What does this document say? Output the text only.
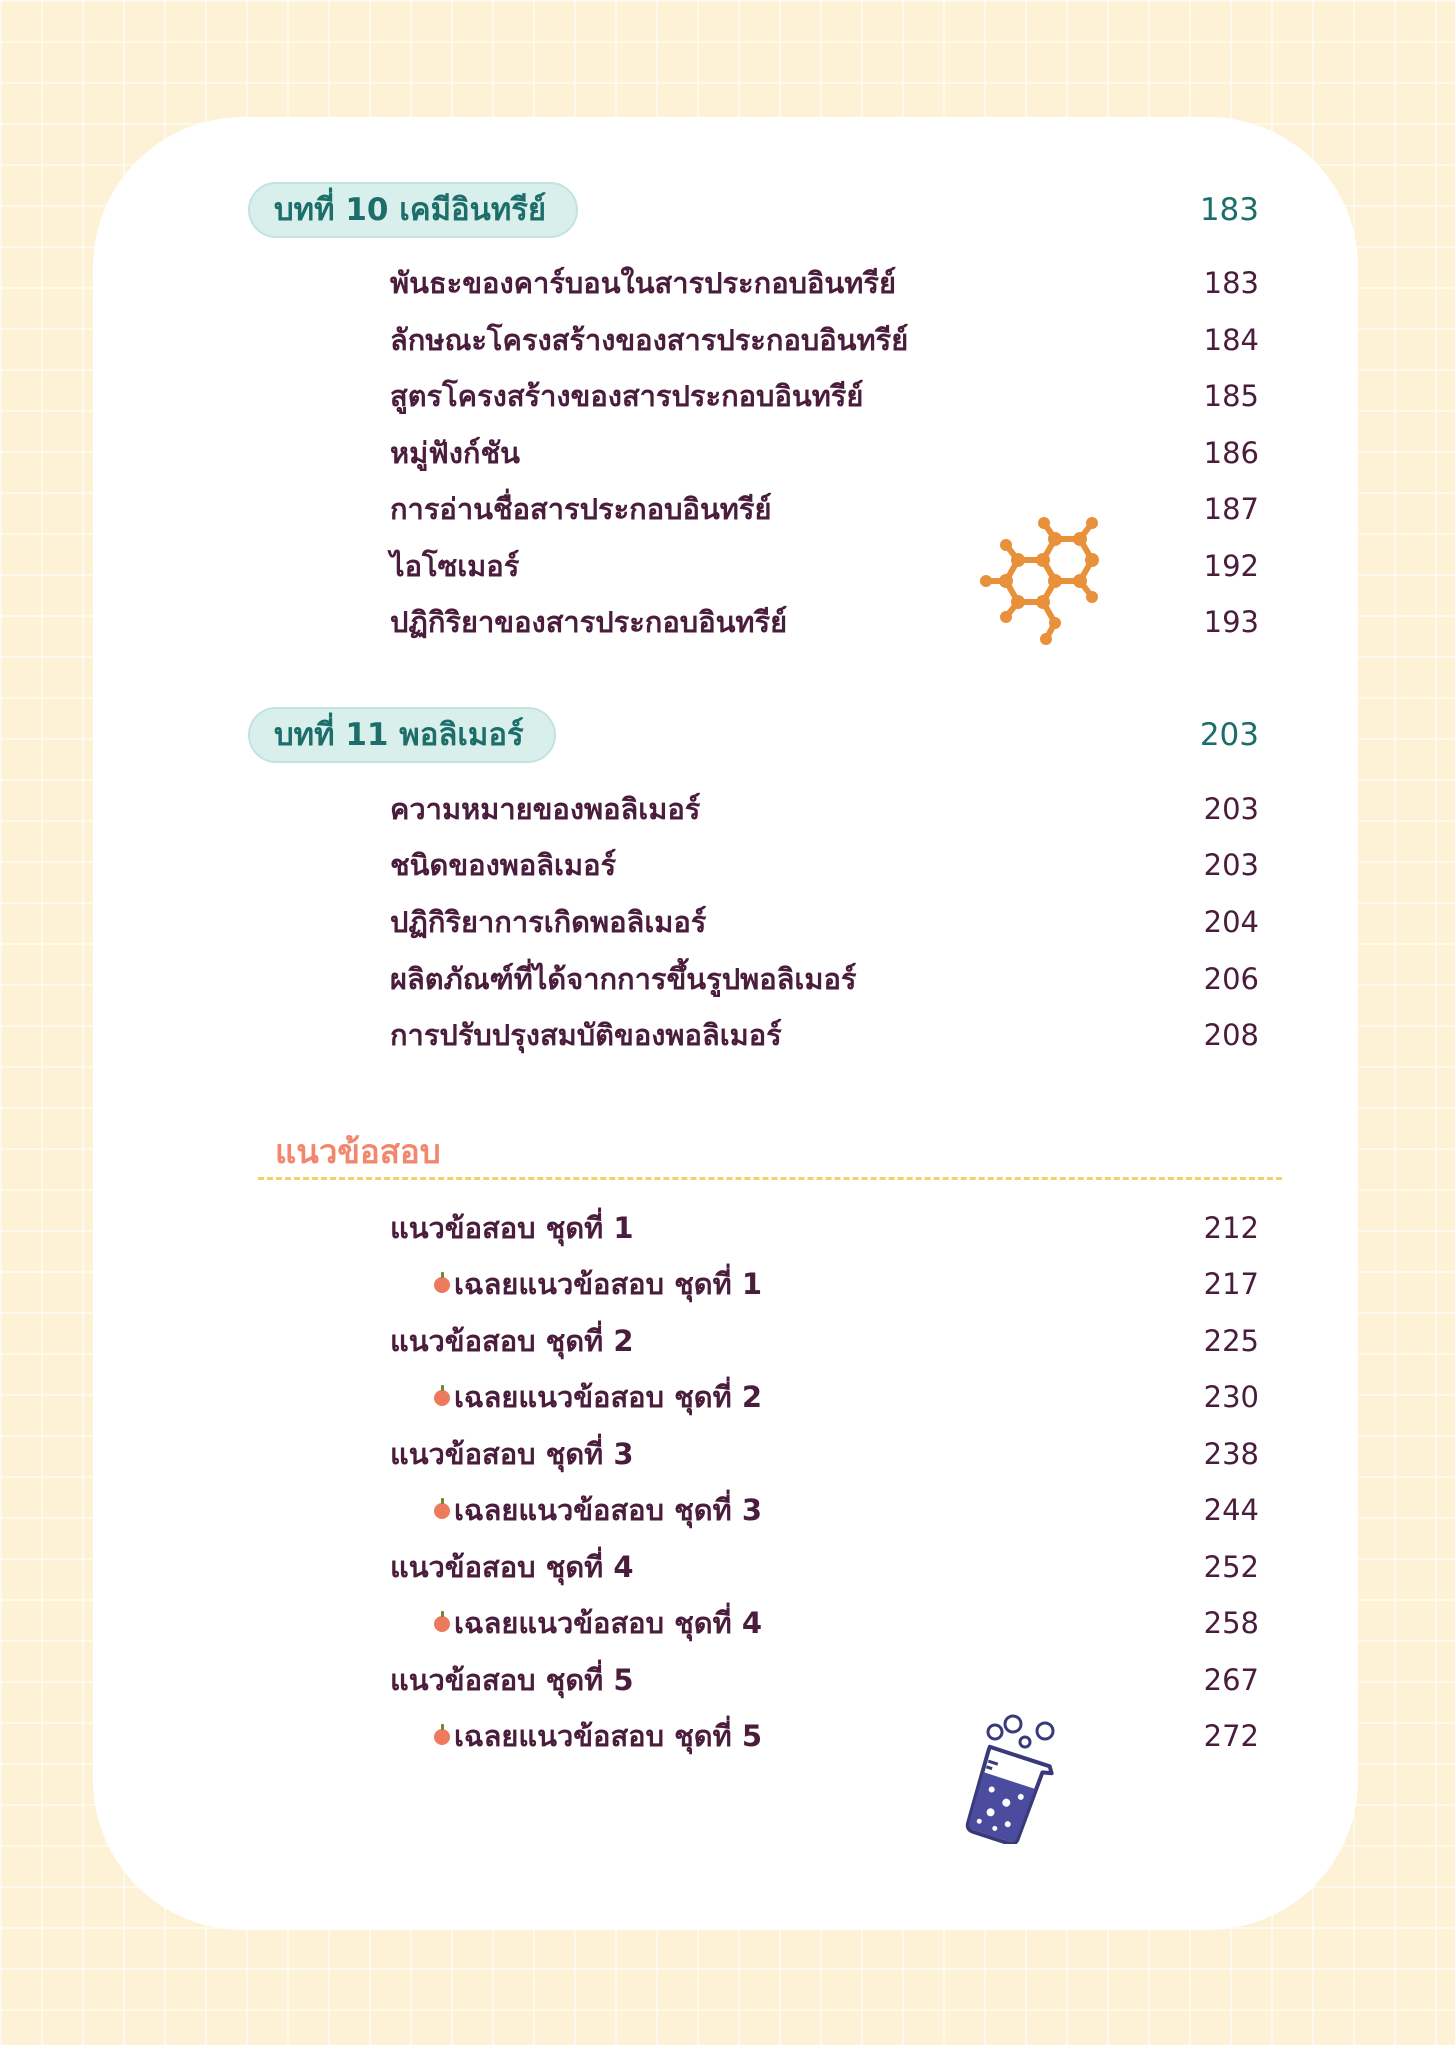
บทที่ 10 เคมีอินทรีย์	183
พันธะของคาร์บอนในสารประกอบอินทรีย์	183
ลักษณะโครงสร้างของสารประกอบอินทรีย์	184
สูตรโครงสร้างของสารประกอบอินทรีย์	185
หมู่ฟังก์ชัน	186
การอ่านชื่อสารประกอบอินทรีย์	187
ไอโซเมอร์	192
ปฏิกิริยาของสารประกอบอินทรีย์	193
บทที่ 11 พอลิเมอร์	203
ความหมายของพอลิเมอร์	203
ชนิดของพอลิเมอร์	203
ปฏิกิริยาการเกิดพอลิเมอร์	204
ผลิตภัณฑ์ที่ได้จากการขึ้นรูปพอลิเมอร์	206
การปรับปรุงสมบัติของพอลิเมอร์	208
แนวข้อสอบ
แนวข้อสอบ ชุดที่ 1	212
เฉลยแนวข้อสอบ ชุดที่ 1	217
แนวข้อสอบ ชุดที่ 2	225
เฉลยแนวข้อสอบ ชุดที่ 2	230
แนวข้อสอบ ชุดที่ 3	238
เฉลยแนวข้อสอบ ชุดที่ 3	244
แนวข้อสอบ ชุดที่ 4	252
เฉลยแนวข้อสอบ ชุดที่ 4	258
แนวข้อสอบ ชุดที่ 5	267
เฉลยแนวข้อสอบ ชุดที่ 5	272
